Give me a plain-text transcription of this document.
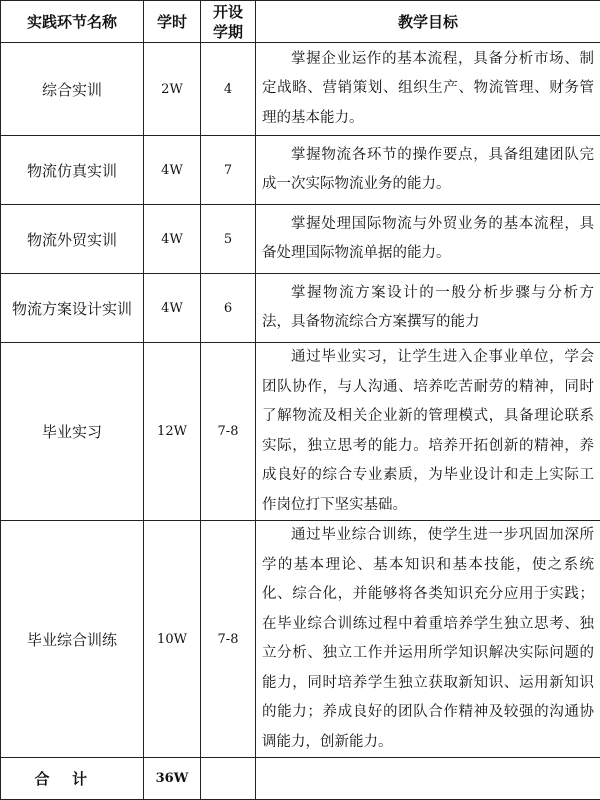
实践环节名称	学时	开设学期	教学目标
综合实训	2W	4	掌握企业运作的基本流程，具备分析市场、制定战略、营销策划、组织生产、物流管理、财务管理的基本能力。

物流仿真实训	4W	7	掌握物流各环节的操作要点，具备组建团队完成一次实际物流业务的能力。

物流外贸实训	4W	5	掌握处理国际物流与外贸业务的基本流程，具备处理国际物流单据的能力。

物流方案设计实训	4W	6	掌握物流方案设计的一般分析步骤与分析方法，具备物流综合方案撰写的能力

毕业实习	12W	7-8	通过毕业实习，让学生进入企事业单位，学会团队协作，与人沟通、培养吃苦耐劳的精神，同时了解物流及相关企业新的管理模式，具备理论联系实际，独立思考的能力。培养开拓创新的精神，养成良好的综合专业素质，为毕业设计和走上实际工作岗位打下坚实基础。

毕业综合训练	10W	7-8	通过毕业综合训练，使学生进一步巩固加深所学的基本理论、基本知识和基本技能，使之系统化、综合化，并能够将各类知识充分应用于实践；在毕业综合训练过程中着重培养学生独立思考、独立分析、独立工作并运用所学知识解决实际问题的能力，同时培养学生独立获取新知识、运用新知识的能力；养成良好的团队合作精神及较强的沟通协调能力，创新能力。

合计	36W		
